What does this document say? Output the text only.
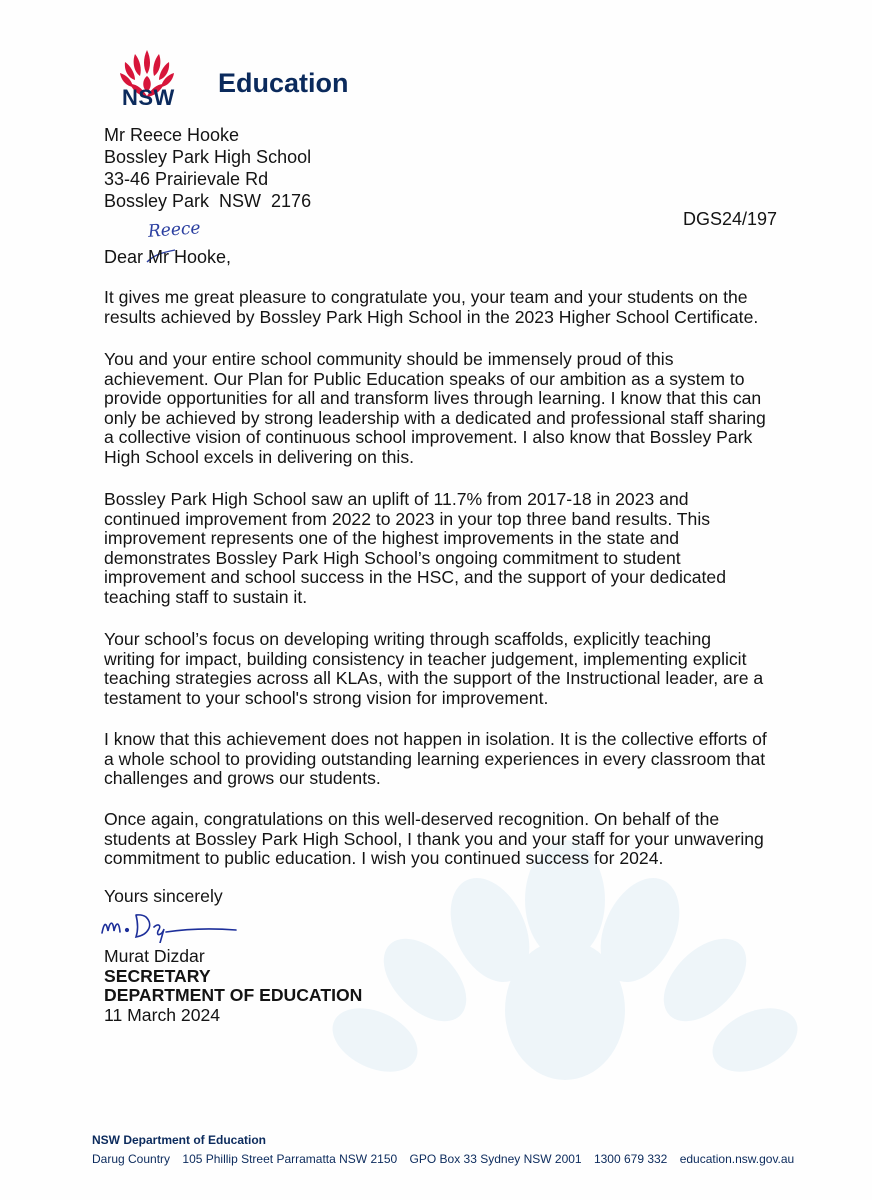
NSW Education
Mr Reece Hooke
Bossley Park High School
33-46 Prairievale Rd
Bossley Park  NSW  2176
DGS24/197
Reece
Dear Mr Hooke,

It gives me great pleasure to congratulate you, your team and your students on the
results achieved by Bossley Park High School in the 2023 Higher School Certificate.

You and your entire school community should be immensely proud of this
achievement. Our Plan for Public Education speaks of our ambition as a system to
provide opportunities for all and transform lives through learning. I know that this can
only be achieved by strong leadership with a dedicated and professional staff sharing
a collective vision of continuous school improvement. I also know that Bossley Park
High School excels in delivering on this.

Bossley Park High School saw an uplift of 11.7% from 2017-18 in 2023 and
continued improvement from 2022 to 2023 in your top three band results. This
improvement represents one of the highest improvements in the state and
demonstrates Bossley Park High School’s ongoing commitment to student
improvement and school success in the HSC, and the support of your dedicated
teaching staff to sustain it.

Your school’s focus on developing writing through scaffolds, explicitly teaching
writing for impact, building consistency in teacher judgement, implementing explicit
teaching strategies across all KLAs, with the support of the Instructional leader, are a
testament to your school's strong vision for improvement.

I know that this achievement does not happen in isolation. It is the collective efforts of
a whole school to providing outstanding learning experiences in every classroom that
challenges and grows our students.

Once again, congratulations on this well-deserved recognition. On behalf of the
students at Bossley Park High School, I thank you and your staff for your unwavering
commitment to public education. I wish you continued success for 2024.

Yours sincerely
Murat Dizdar
SECRETARY
DEPARTMENT OF EDUCATION
11 March 2024
NSW Department of Education
Darug Country 105 Phillip Street Parramatta NSW 2150 GPO Box 33 Sydney NSW 2001 1300 679 332 education.nsw.gov.au
